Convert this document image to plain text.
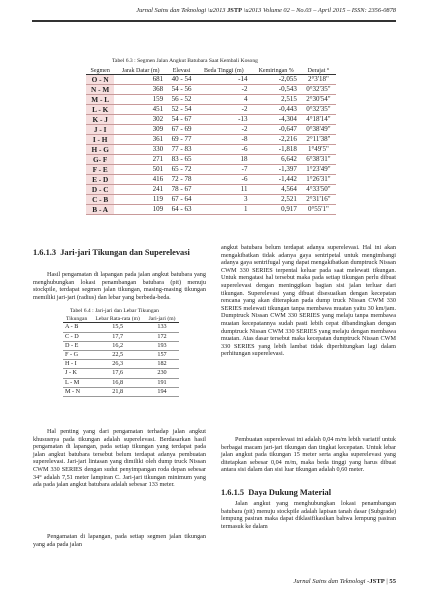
Jurnal Sains dan Teknologi \u2013 JSTP \u2013 Volume 02 – No.03 – April 2015 – ISSN: 2356-0878
Tabel 6.3 : Segmen Jalan Angkut Batubara Saat Kembali Kosong
Segmen	Jarak Datar (m)	Elevasi	Beda Tinggi (m)	Kemiringan %	Derajat °
O - N	681	40 - 54	-14	-2,055	2°3'18"
N - M	368	54 - 56	-2	-0,543	0°32'35"
M - L	159	56 - 52	4	2,515	2°30'54"
L - K	451	52 - 54	-2	-0,443	0°32'35"
K - J	302	54 - 67	-13	-4,304	4°18'14"
J - I	309	67 - 69	-2	-0,647	0°38'49"
I - H	361	69 - 77	-8	-2,216	2°11'38"
H - G	330	77 - 83	-6	-1,818	1°49'5"
G- F	271	83 - 65	18	6,642	6°38'31"
F - E	501	65 - 72	-7	-1,397	1°23'49"
E - D	416	72 - 78	-6	-1,442	1°26'31"
D - C	241	78 - 67	11	4,564	4°33'50"
C - B	119	67 - 64	3	2,521	2°31'16"
B - A	109	64 - 63	1	0,917	0°55'1"
1.6.1.3 Jari-jari Tikungan dan Superelevasi

Hasil pengamatan di lapangan pada jalan angkut batubara yang menghubungkan lokasi penambangan batubara (pit) menuju stockpile, terdapat segmen jalan tikungan, masing-masing tikungan memiliki jari-jari (radius) dan lebar yang berbeda-beda.

Tabel 6.4 : Jari-jari dan Lebar Tikungan
Tikungan	Lebar Rata-rata (m)	Jari-jari (m)
A - B	15,5	133
C - D	17,7	172
D - E	16,2	193
F - G	22,5	157
H - I	26,3	182
J - K	17,6	230
L - M	16,8	191
M - N	21,8	194

Hal penting yang dari pengamatan terhadap jalan angkut khususnya pada tikungan adalah superelevasi. Berdasarkan hasil pengamatan di lapangan, pada setiap tikungan yang terdapat pada jalan angkut batubara tersebut belum terdapat adanya pembuatan superelevasi. Jari-jari lintasan yang dimiliki oleh dump truck Nissan CWM 330 SERIES dengan sudut penyimpangan roda depan sebesar 34° adalah 7,51 meter lampiran C. Jari-jari tikungan minimum yang ada pada jalan angkut batubara adalah sebesar 133 meter.

Pengamatan di lapangan, pada setiap segmen jalan tikungan yang ada pada jalan

angkut batubara belum terdapat adanya superelevasi. Hal ini akan mengakibatkan tidak adanya gaya sentripetal untuk mengimbangi adanya gaya sentrifugal yang dapat mengakibatkan dumptruck Nissan CWM 330 SERIES terpental keluar pada saat melewati tikungan. Untuk mengatasi hal tersebut maka pada setiap tikungan perlu dibuat superelevasi dengan meninggikan bagian sisi jalan terluar dari tikungan. Superelevasi yang dibuat disesuaikan dengan kecepatan rencana yang akan diterapkan pada dump truck Nissan CWM 330 SERIES melewati tikungan tanpa membawa muatan yaitu 30 km/jam. Dumptruck Nissan CWM 330 SERIES yang melaju tanpa membawa muatan kecepatannya sudah pasti lebih cepat dibandingkan dengan dumptruck Nissan CWM 330 SERIES yang melaju dengan membawa muatan. Atas dasar tersebut maka kecepatan dumptruck Nissan CWM 330 SERIES yang lebih lambat tidak diperhitungkan lagi dalam perhitungan superelevasi.

Pembuatan superelevasi ini adalah 0,04 m/m lebih variatif untuk berbagai macam jari-jari tikungan dan tingkat kecepatan. Untuk lebar jalan angkut pada tikungan 15 meter serta angka superelevasi yang ditetapkan sebesar 0,04 m/m, maka beda tinggi yang harus dibuat antara sisi dalam dan sisi luar tikungan adalah 0,60 meter.

1.6.1.5 Daya Dukung Material

Jalan angkut yang menghubungkan lokasi penambangan batubara (pit) menuju stockpile adalah lapisan tanah dasar (Subgrade) lempung pasiran maka dapat diklasifikasikan bahwa lempung pasiran termasuk ke dalam

Jurnal Sains dan Teknologi -JSTP | 55
